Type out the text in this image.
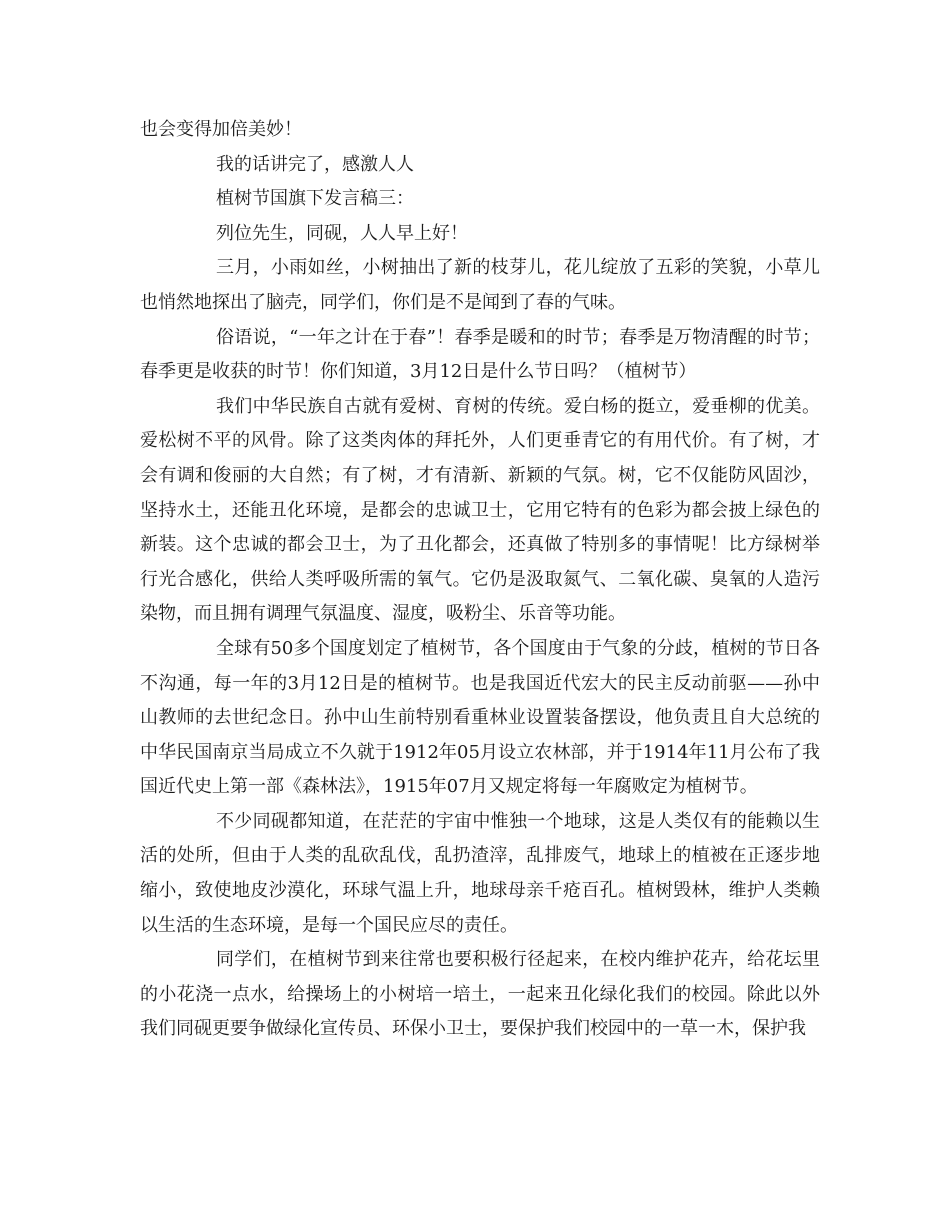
也会变得加倍美妙！

我的话讲完了，感激人人

植树节国旗下发言稿三：

列位先生，同砚，人人早上好！

三月，小雨如丝，小树抽出了新的枝芽儿，花儿绽放了五彩的笑貌，小草儿也悄然地探出了脑壳，同学们，你们是不是闻到了春的气味。

俗语说，“一年之计在于春”！春季是暖和的时节；春季是万物清醒的时节；春季更是收获的时节！你们知道，3月12日是什么节日吗？（植树节）

我们中华民族自古就有爱树、育树的传统。爱白杨的挺立，爱垂柳的优美。爱松树不平的风骨。除了这类肉体的拜托外，人们更垂青它的有用代价。有了树，才会有调和俊丽的大自然；有了树，才有清新、新颖的气氛。树，它不仅能防风固沙，坚持水土，还能丑化环境，是都会的忠诚卫士，它用它特有的色彩为都会披上绿色的新装。这个忠诚的都会卫士，为了丑化都会，还真做了特别多的事情呢！比方绿树举行光合感化，供给人类呼吸所需的氧气。它仍是汲取氮气、二氧化碳、臭氧的人造污染物，而且拥有调理气氛温度、湿度，吸粉尘、乐音等功能。

全球有50多个国度划定了植树节，各个国度由于气象的分歧，植树的节日各不沟通，每一年的3月12日是的植树节。也是我国近代宏大的民主反动前驱——孙中山教师的去世纪念日。孙中山生前特别看重林业设置装备摆设，他负责且自大总统的中华民国南京当局成立不久就于1912年05月设立农林部，并于1914年11月公布了我国近代史上第一部《森林法》，1915年07月又规定将每一年腐败定为植树节。

不少同砚都知道，在茫茫的宇宙中惟独一个地球，这是人类仅有的能赖以生活的处所，但由于人类的乱砍乱伐，乱扔渣滓，乱排废气，地球上的植被在正逐步地缩小，致使地皮沙漠化，环球气温上升，地球母亲千疮百孔。植树毁林，维护人类赖以生活的生态环境，是每一个国民应尽的责任。

同学们，在植树节到来往常也要积极行径起来，在校内维护花卉，给花坛里的小花浇一点水，给操场上的小树培一培土，一起来丑化绿化我们的校园。除此以外我们同砚更要争做绿化宣传员、环保小卫士，要保护我们校园中的一草一木，保护我
